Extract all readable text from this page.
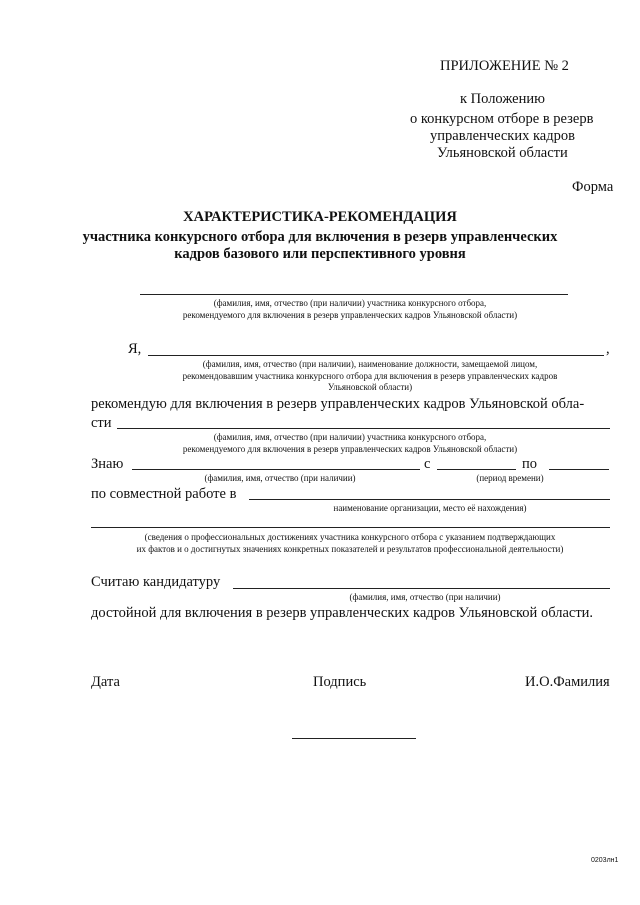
ПРИЛОЖЕНИЕ № 2
к Положению
о конкурсном отборе в резерв
управленческих кадров
Ульяновской области
Форма
ХАРАКТЕРИСТИКА-РЕКОМЕНДАЦИЯ
участника конкурсного отбора для включения в резерв управленческих
кадров базового или перспективного уровня
(фамилия, имя, отчество (при наличии) участника конкурсного отбора,
рекомендуемого для включения в резерв управленческих кадров Ульяновской области)
Я,	,
(фамилия, имя, отчество (при наличии), наименование должности, замещаемой лицом,
рекомендовавшим участника конкурсного отбора для включения в резерв управленческих кадров
Ульяновской области)
рекомендую для включения в резерв управленческих кадров Ульяновской обла-
сти
(фамилия, имя, отчество (при наличии) участника конкурсного отбора,
рекомендуемого для включения в резерв управленческих кадров Ульяновской области)
Знаю	с	по
(фамилия, имя, отчество (при наличии)	(период времени)
по совместной работе в
наименование организации, место её нахождения)
(сведения о профессиональных достижениях участника конкурсного отбора с указанием подтверждающих
их фактов и о достигнутых значениях конкретных показателей и результатов профессиональной деятельности)
Считаю кандидатуру
(фамилия, имя, отчество (при наличии)
достойной для включения в резерв управленческих кадров Ульяновской области.
Дата	Подпись	И.О.Фамилия
0203лн1
